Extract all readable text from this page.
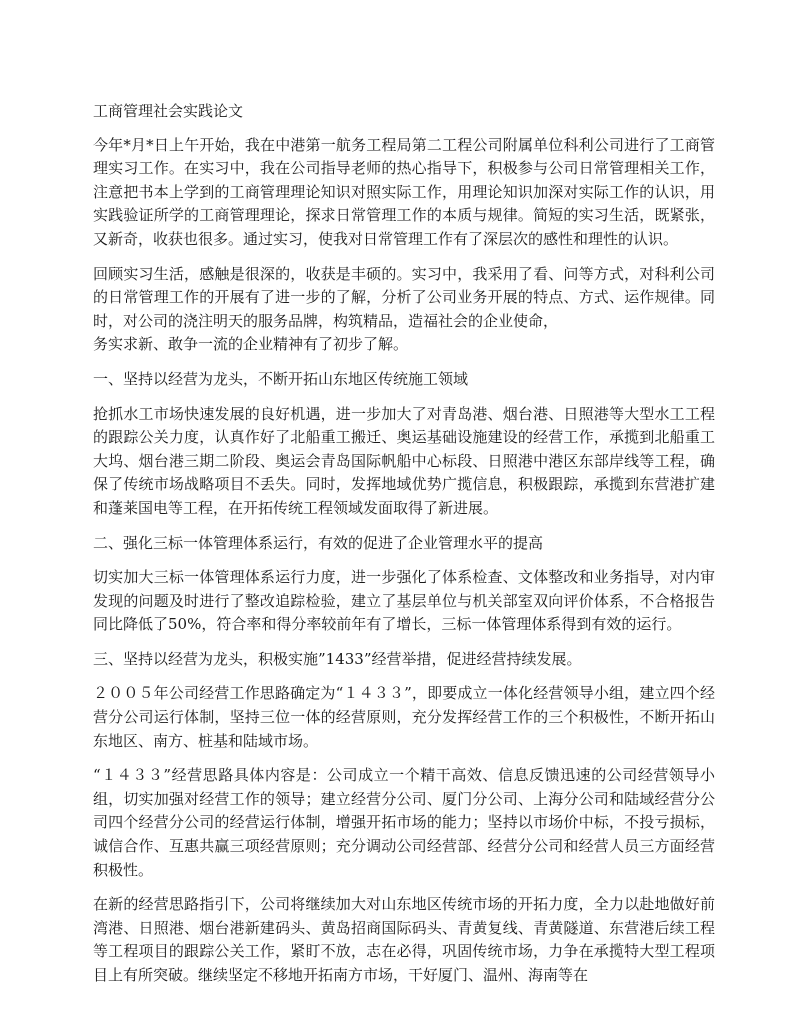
工商管理社会实践论文

今年*月*日上午开始，我在中港第一航务工程局第二工程公司附属单位科利公司进行了工商管理实习工作。在实习中，我在公司指导老师的热心指导下，积极参与公司日常管理相关工作，注意把书本上学到的工商管理理论知识对照实际工作，用理论知识加深对实际工作的认识，用实践验证所学的工商管理理论，探求日常管理工作的本质与规律。简短的实习生活，既紧张，又新奇，收获也很多。通过实习，使我对日常管理工作有了深层次的感性和理性的认识。

回顾实习生活，感触是很深的，收获是丰硕的。实习中，我采用了看、问等方式，对科利公司的日常管理工作的开展有了进一步的了解，分析了公司业务开展的特点、方式、运作规律。同时，对公司的浇注明天的服务品牌，构筑精品，造福社会的企业使命，

务实求新、敢争一流的企业精神有了初步了解。

一、坚持以经营为龙头，不断开拓山东地区传统施工领域

抢抓水工市场快速发展的良好机遇，进一步加大了对青岛港、烟台港、日照港等大型水工工程的跟踪公关力度，认真作好了北船重工搬迁、奥运基础设施建设的经营工作，承揽到北船重工大坞、烟台港三期二阶段、奥运会青岛国际帆船中心标段、日照港中港区东部岸线等工程，确保了传统市场战略项目不丢失。同时，发挥地域优势广揽信息，积极跟踪，承揽到东营港扩建和蓬莱国电等工程，在开拓传统工程领域发面取得了新进展。

二、强化三标一体管理体系运行，有效的促进了企业管理水平的提高

切实加大三标一体管理体系运行力度，进一步强化了体系检查、文体整改和业务指导，对内审发现的问题及时进行了整改追踪检验，建立了基层单位与机关部室双向评价体系，不合格报告同比降低了50%，符合率和得分率较前年有了增长，三标一体管理体系得到有效的运行。

三、坚持以经营为龙头，积极实施”1433”经营举措，促进经营持续发展。

２００５年公司经营工作思路确定为“１４３３”，即要成立一体化经营领导小组，建立四个经营分公司运行体制，坚持三位一体的经营原则，充分发挥经营工作的三个积极性，不断开拓山东地区、南方、桩基和陆域市场。

“１４３３”经营思路具体内容是：公司成立一个精干高效、信息反馈迅速的公司经营领导小组，切实加强对经营工作的领导；建立经营分公司、厦门分公司、上海分公司和陆域经营分公司四个经营分公司的经营运行体制，增强开拓市场的能力；坚持以市场价中标，不投亏损标，诚信合作、互惠共赢三项经营原则；充分调动公司经营部、经营分公司和经营人员三方面经营积极性。

在新的经营思路指引下，公司将继续加大对山东地区传统市场的开拓力度，全力以赴地做好前湾港、日照港、烟台港新建码头、黄岛招商国际码头、青黄复线、青黄隧道、东营港后续工程等工程项目的跟踪公关工作，紧盯不放，志在必得，巩固传统市场，力争在承揽特大型工程项目上有所突破。继续坚定不移地开拓南方市场，干好厦门、温州、海南等在
